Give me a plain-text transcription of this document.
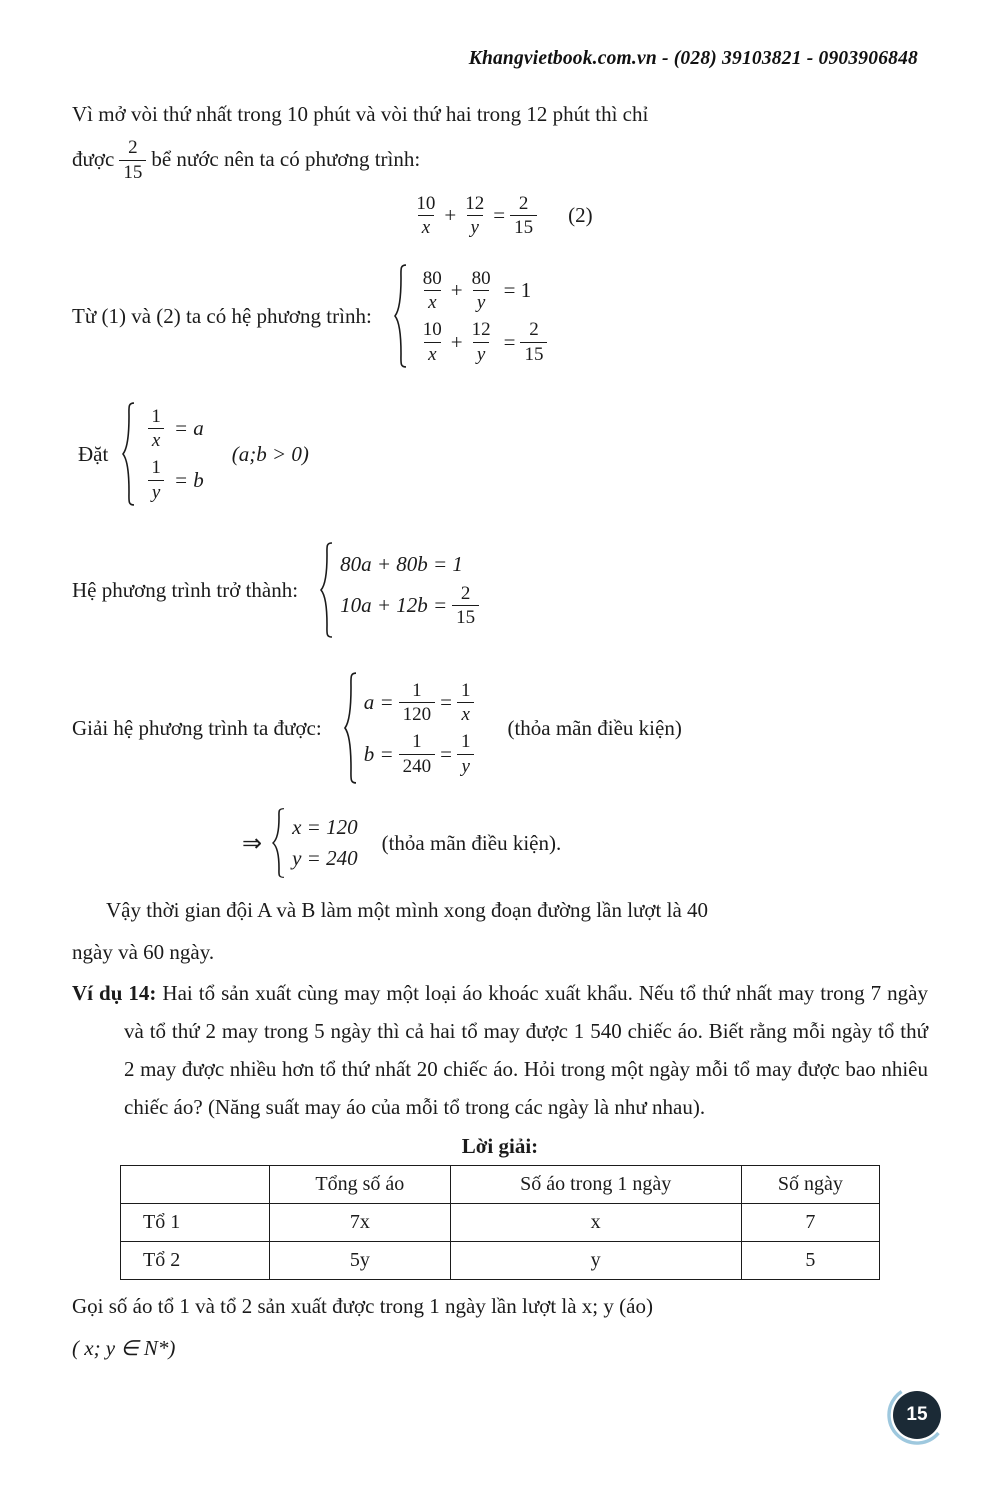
Khangvietbook.com.vn - (028) 39103821 - 0903906848
Vì mở vòi thứ nhất trong 10 phút và vòi thứ hai trong 12 phút thì chỉ
được $\frac{2}{15}$ bể nước nên ta có phương trình:
$\frac{10}{x} + \frac{12}{y} = \frac{2}{15} (2)$
Từ (1) và (2) ta có hệ phương trình:
$\frac{80}{x} + \frac{80}{y} = 1$
$\frac{10}{x} + \frac{12}{y} = \frac{2}{15}$
Đặt
$\frac{1}{x} = a$
$\frac{1}{y} = b$
(a;b > 0)
Hệ phương trình trở thành:
80a + 80b = 1
$10a + 12b = \frac{2}{15}$
Giải hệ phương trình ta được:
$a = \frac{1}{120} = \frac{1}{x}$
$b = \frac{1}{240} = \frac{1}{y}$
(thỏa mãn điều kiện)
⇒
x = 120
y = 240
(thỏa mãn điều kiện).
Vậy thời gian đội A và B làm một mình xong đoạn đường lần lượt là 40
ngày và 60 ngày.

Ví dụ 14: Hai tổ sản xuất cùng may một loại áo khoác xuất khẩu. Nếu tổ thứ nhất may trong 7 ngày và tổ thứ 2 may trong 5 ngày thì cả hai tổ may được 1 540 chiếc áo. Biết rằng mỗi ngày tổ thứ 2 may được nhiều hơn tổ thứ nhất 20 chiếc áo. Hỏi trong một ngày mỗi tổ may được bao nhiêu chiếc áo? (Năng suất may áo của mỗi tổ trong các ngày là như nhau).

Lời giải:
	Tổng số áo	Số áo trong 1 ngày	Số ngày
Tổ 1	7x	x	7
Tổ 2	5y	y	5
Gọi số áo tổ 1 và tổ 2 sản xuất được trong 1 ngày lần lượt là x; y (áo)
( x; y ∈ N*)
15
